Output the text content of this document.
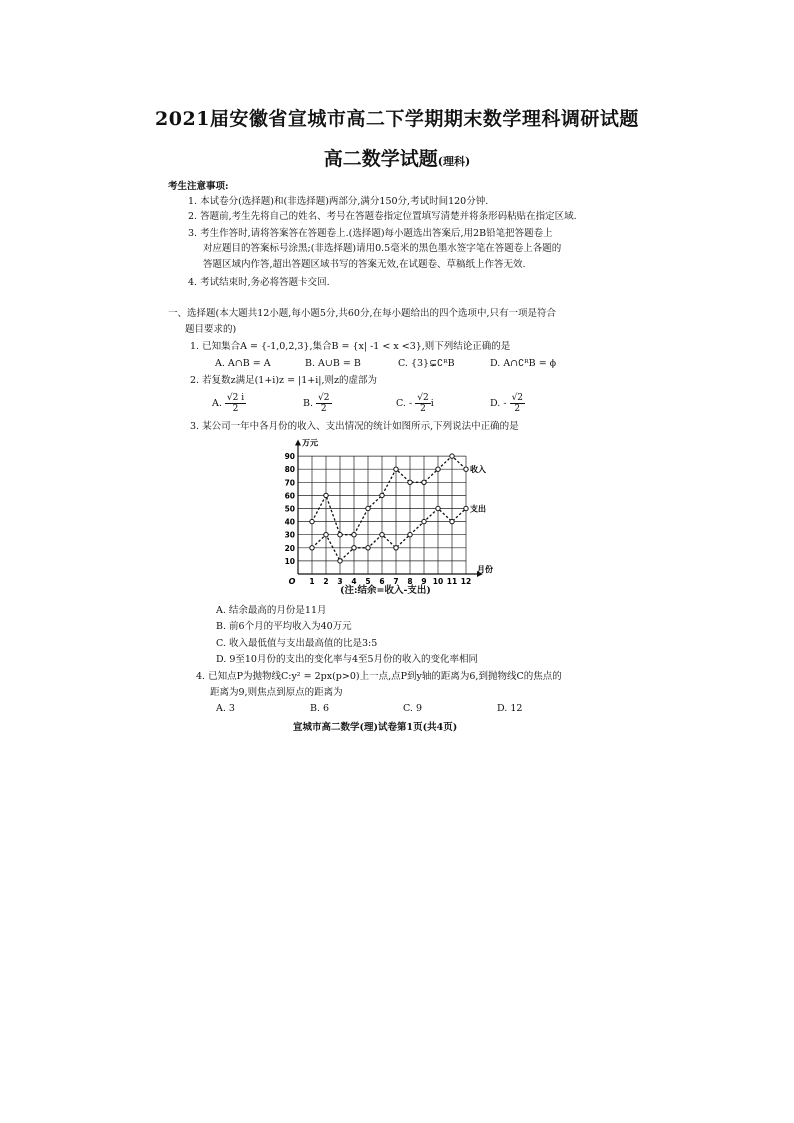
2021届安徽省宣城市高二下学期期末数学理科调研试题
高二数学试题(理科)
考生注意事项:
1. 本试卷分(选择题)和(非选择题)两部分,满分150分,考试时间120分钟.
2. 答题前,考生先将自己的姓名、考号在答题卷指定位置填写清楚并将条形码粘贴在指定区域.
3. 考生作答时,请将答案答在答题卷上.(选择题)每小题选出答案后,用2B铅笔把答题卷上
对应题目的答案标号涂黑;(非选择题)请用0.5毫米的黑色墨水签字笔在答题卷上各题的
答题区域内作答,超出答题区域书写的答案无效,在试题卷、草稿纸上作答无效.
4. 考试结束时,务必将答题卡交回.
一、选择题(本大题共12小题,每小题5分,共60分,在每小题给出的四个选项中,只有一项是符合
题目要求的)
1. 已知集合A = {-1,0,2,3},集合B = {x| -1 < x <3},则下列结论正确的是
A. A∩B = A	B. A∪B = B	C. {3}⊊∁ᴿB	D. A∩∁ᴿB = ϕ
2. 若复数z满足(1+i)z = |1+i|,则z的虚部为
A. $\frac{√2 i}{2}$	B. $\frac{√2}{2}$	C. - $\frac{√2}{2}$ i	D. - $\frac{√2}{2}$
3. 某公司一年中各月份的收入、支出情况的统计如图所示,下列说法中正确的是
10
20
30
40
50
60
70
80
90
1 2 3 4 5 6 7 8 9 10 11 12
O
万元
月份
收入
支出
(注:结余=收入-支出)
A. 结余最高的月份是11月
B. 前6个月的平均收入为40万元
C. 收入最低值与支出最高值的比是3:5
D. 9至10月份的支出的变化率与4至5月份的收入的变化率相同
4. 已知点P为抛物线C:y² = 2px(p>0)上一点,点P到y轴的距离为6,到抛物线C的焦点的
距离为9,则焦点到原点的距离为
A. 3	B. 6	C. 9	D. 12
宣城市高二数学(理)试卷第1页(共4页)
